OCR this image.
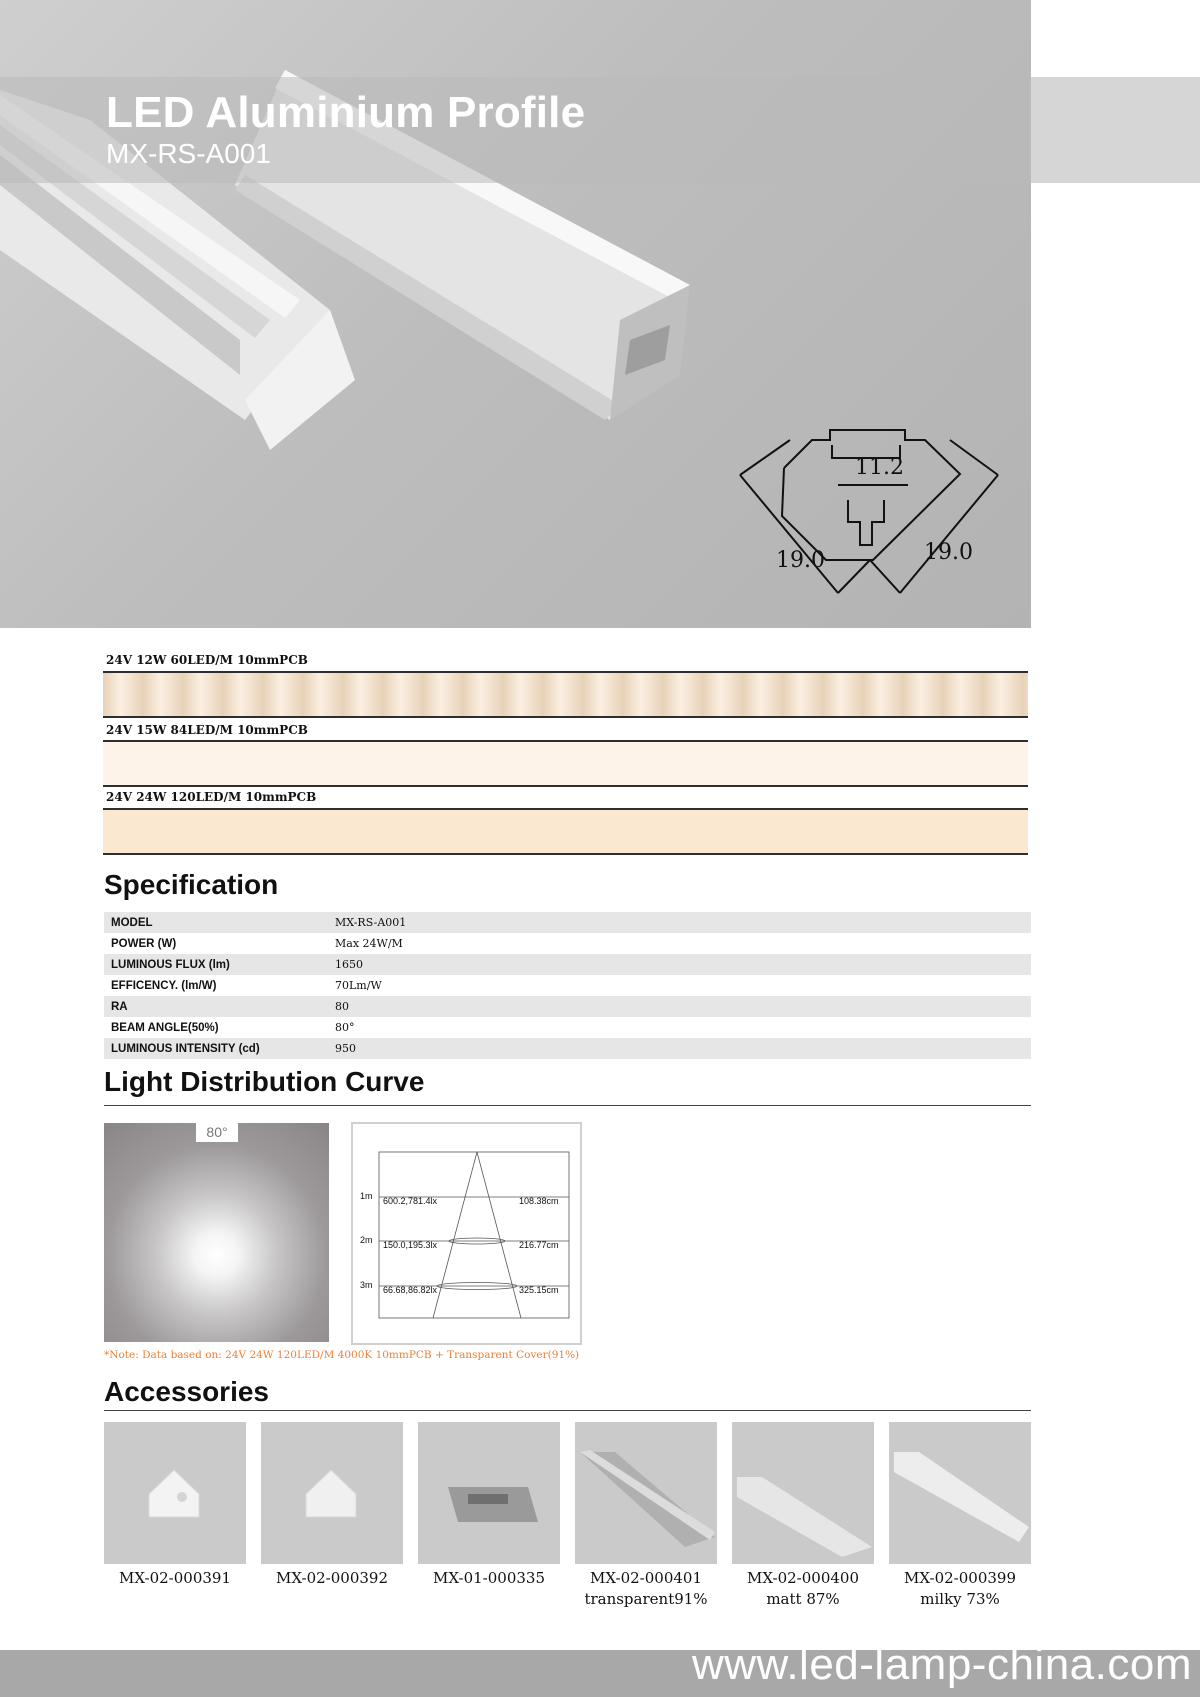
11.2
19.0	19.0
LED Aluminium Profile
MX-RS-A001
24V 12W 60LED/M 10mmPCB
24V 15W 84LED/M 10mmPCB
24V 24W 120LED/M 10mmPCB
Specification
MODEL	MX-RS-A001
POWER (W)	Max 24W/M
LUMINOUS FLUX (lm)	1650
EFFICENCY. (lm/W)	70Lm/W
RA	80
BEAM ANGLE(50%)	80°
LUMINOUS INTENSITY (cd)	950
Light Distribution Curve
80°
1m 600.2,781.4lx	108.38cm
2m 150.0,195.3lx	216.77cm
3m 66.68,86.82lx	325.15cm
*Note: Data based on: 24V 24W 120LED/M 4000K 10mmPCB + Transparent Cover(91%)
Accessories
MX-02-000391	MX-02-000392	MX-01-000335	MX-02-000401	MX-02-000400	MX-02-000399
transparent91%	matt 87%	milky 73%
www.led-lamp-china.com
